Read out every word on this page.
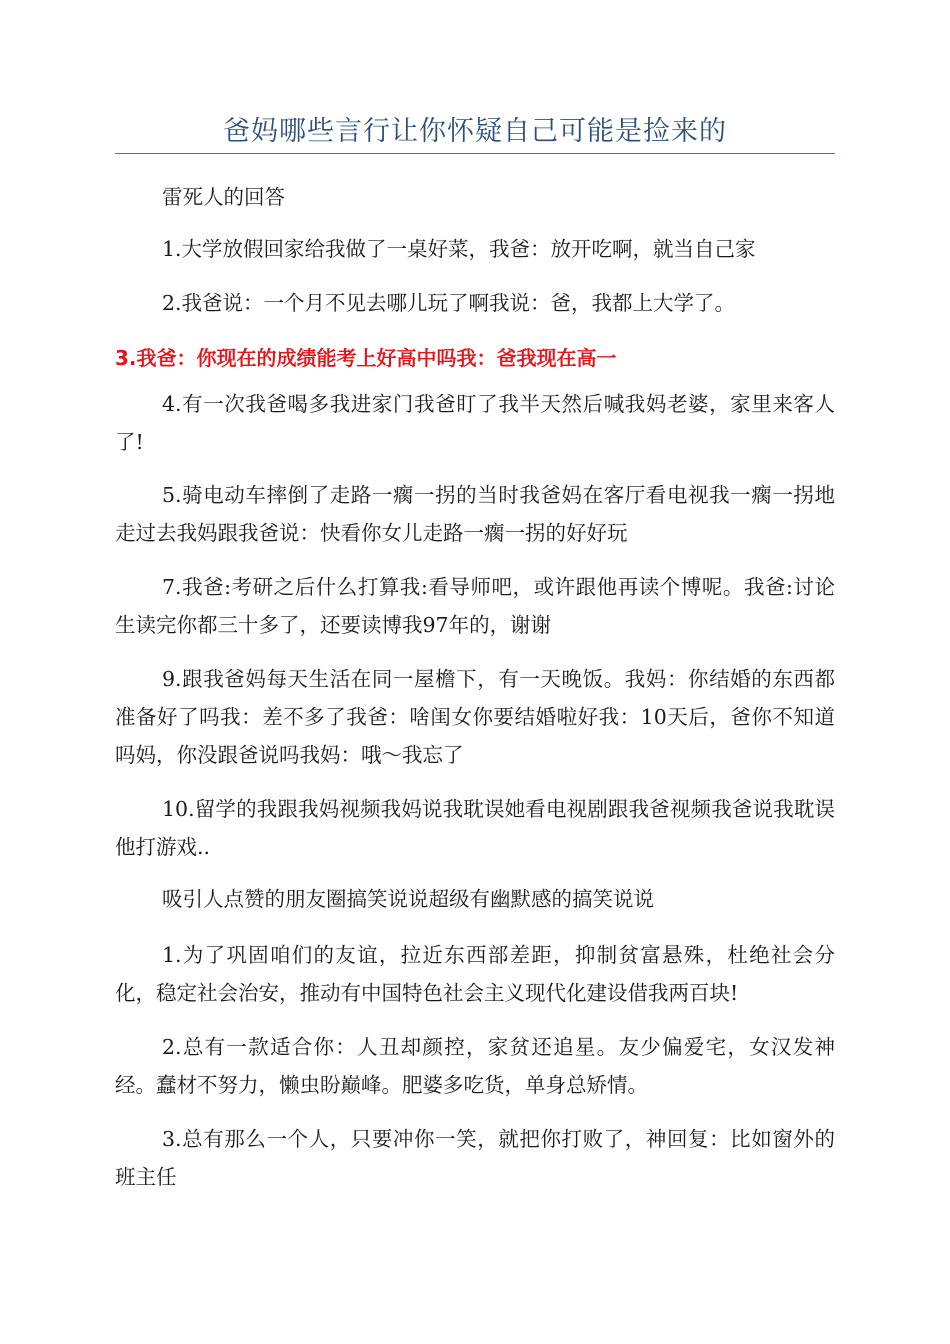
爸妈哪些言行让你怀疑自己可能是捡来的

雷死人的回答

1.大学放假回家给我做了一桌好菜，我爸：放开吃啊，就当自己家

2.我爸说：一个月不见去哪儿玩了啊我说：爸，我都上大学了。

3.我爸：你现在的成绩能考上好高中吗我：爸我现在高一

4.有一次我爸喝多我进家门我爸盯了我半天然后喊我妈老婆，家里来客人了!

5.骑电动车摔倒了走路一瘸一拐的当时我爸妈在客厅看电视我一瘸一拐地走过去我妈跟我爸说：快看你女儿走路一瘸一拐的好好玩

7.我爸:考研之后什么打算我:看导师吧，或许跟他再读个博呢。我爸:讨论生读完你都三十多了，还要读博我97年的，谢谢

9.跟我爸妈每天生活在同一屋檐下，有一天晚饭。我妈：你结婚的东西都准备好了吗我：差不多了我爸：啥闺女你要结婚啦好我：10天后，爸你不知道吗妈，你没跟爸说吗我妈：哦～我忘了

10.留学的我跟我妈视频我妈说我耽误她看电视剧跟我爸视频我爸说我耽误他打游戏..

吸引人点赞的朋友圈搞笑说说超级有幽默感的搞笑说说

1.为了巩固咱们的友谊，拉近东西部差距，抑制贫富悬殊，杜绝社会分化，稳定社会治安，推动有中国特色社会主义现代化建设借我两百块!

2.总有一款适合你：人丑却颜控，家贫还追星。友少偏爱宅，女汉发神经。蠢材不努力，懒虫盼巅峰。肥婆多吃货，单身总矫情。

3.总有那么一个人，只要冲你一笑，就把你打败了，神回复：比如窗外的班主任
